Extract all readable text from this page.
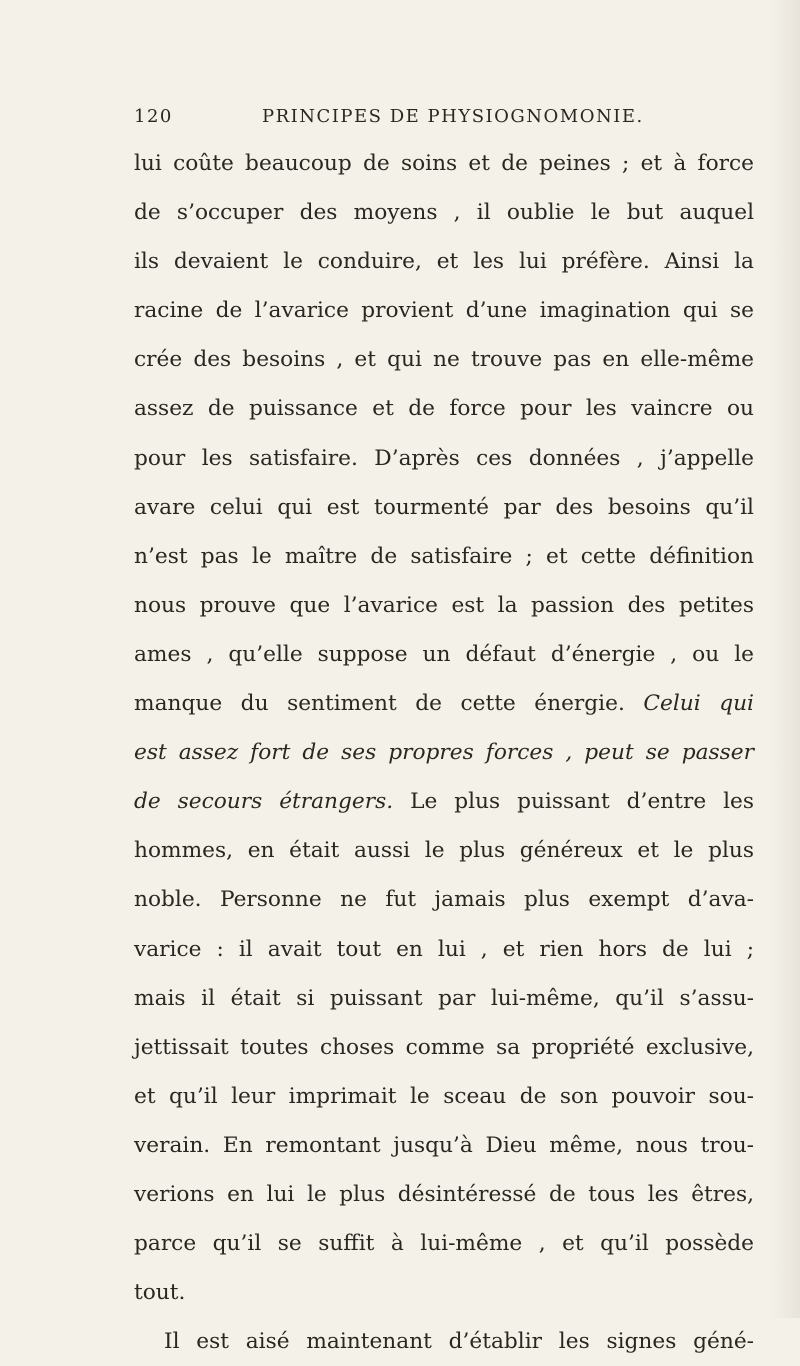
120	PRINCIPES DE PHYSIOGNOMONIE.
lui coûte beaucoup de soins et de peines ; et à force
de s’occuper des moyens , il oublie le but auquel
ils devaient le conduire, et les lui préfère. Ainsi la
racine de l’avarice provient d’une imagination qui se
crée des besoins , et qui ne trouve pas en elle-même
assez de puissance et de force pour les vaincre ou
pour les satisfaire. D’après ces données , j’appelle
avare celui qui est tourmenté par des besoins qu’il
n’est pas le maître de satisfaire ; et cette définition
nous prouve que l’avarice est la passion des petites
ames , qu’elle suppose un défaut d’énergie , ou le
manque du sentiment de cette énergie. Celui qui
est assez fort de ses propres forces , peut se passer
de secours étrangers. Le plus puissant d’entre les
hommes, en était aussi le plus généreux et le plus
noble. Personne ne fut jamais plus exempt d’ava-
varice : il avait tout en lui , et rien hors de lui ;
mais il était si puissant par lui-même, qu’il s’assu-
jettissait toutes choses comme sa propriété exclusive,
et qu’il leur imprimait le sceau de son pouvoir sou-
verain. En remontant jusqu’à Dieu même, nous trou-
verions en lui le plus désintéressé de tous les êtres,
parce qu’il se suffit à lui-même , et qu’il possède
tout.
Il est aisé maintenant d’établir les signes géné-
